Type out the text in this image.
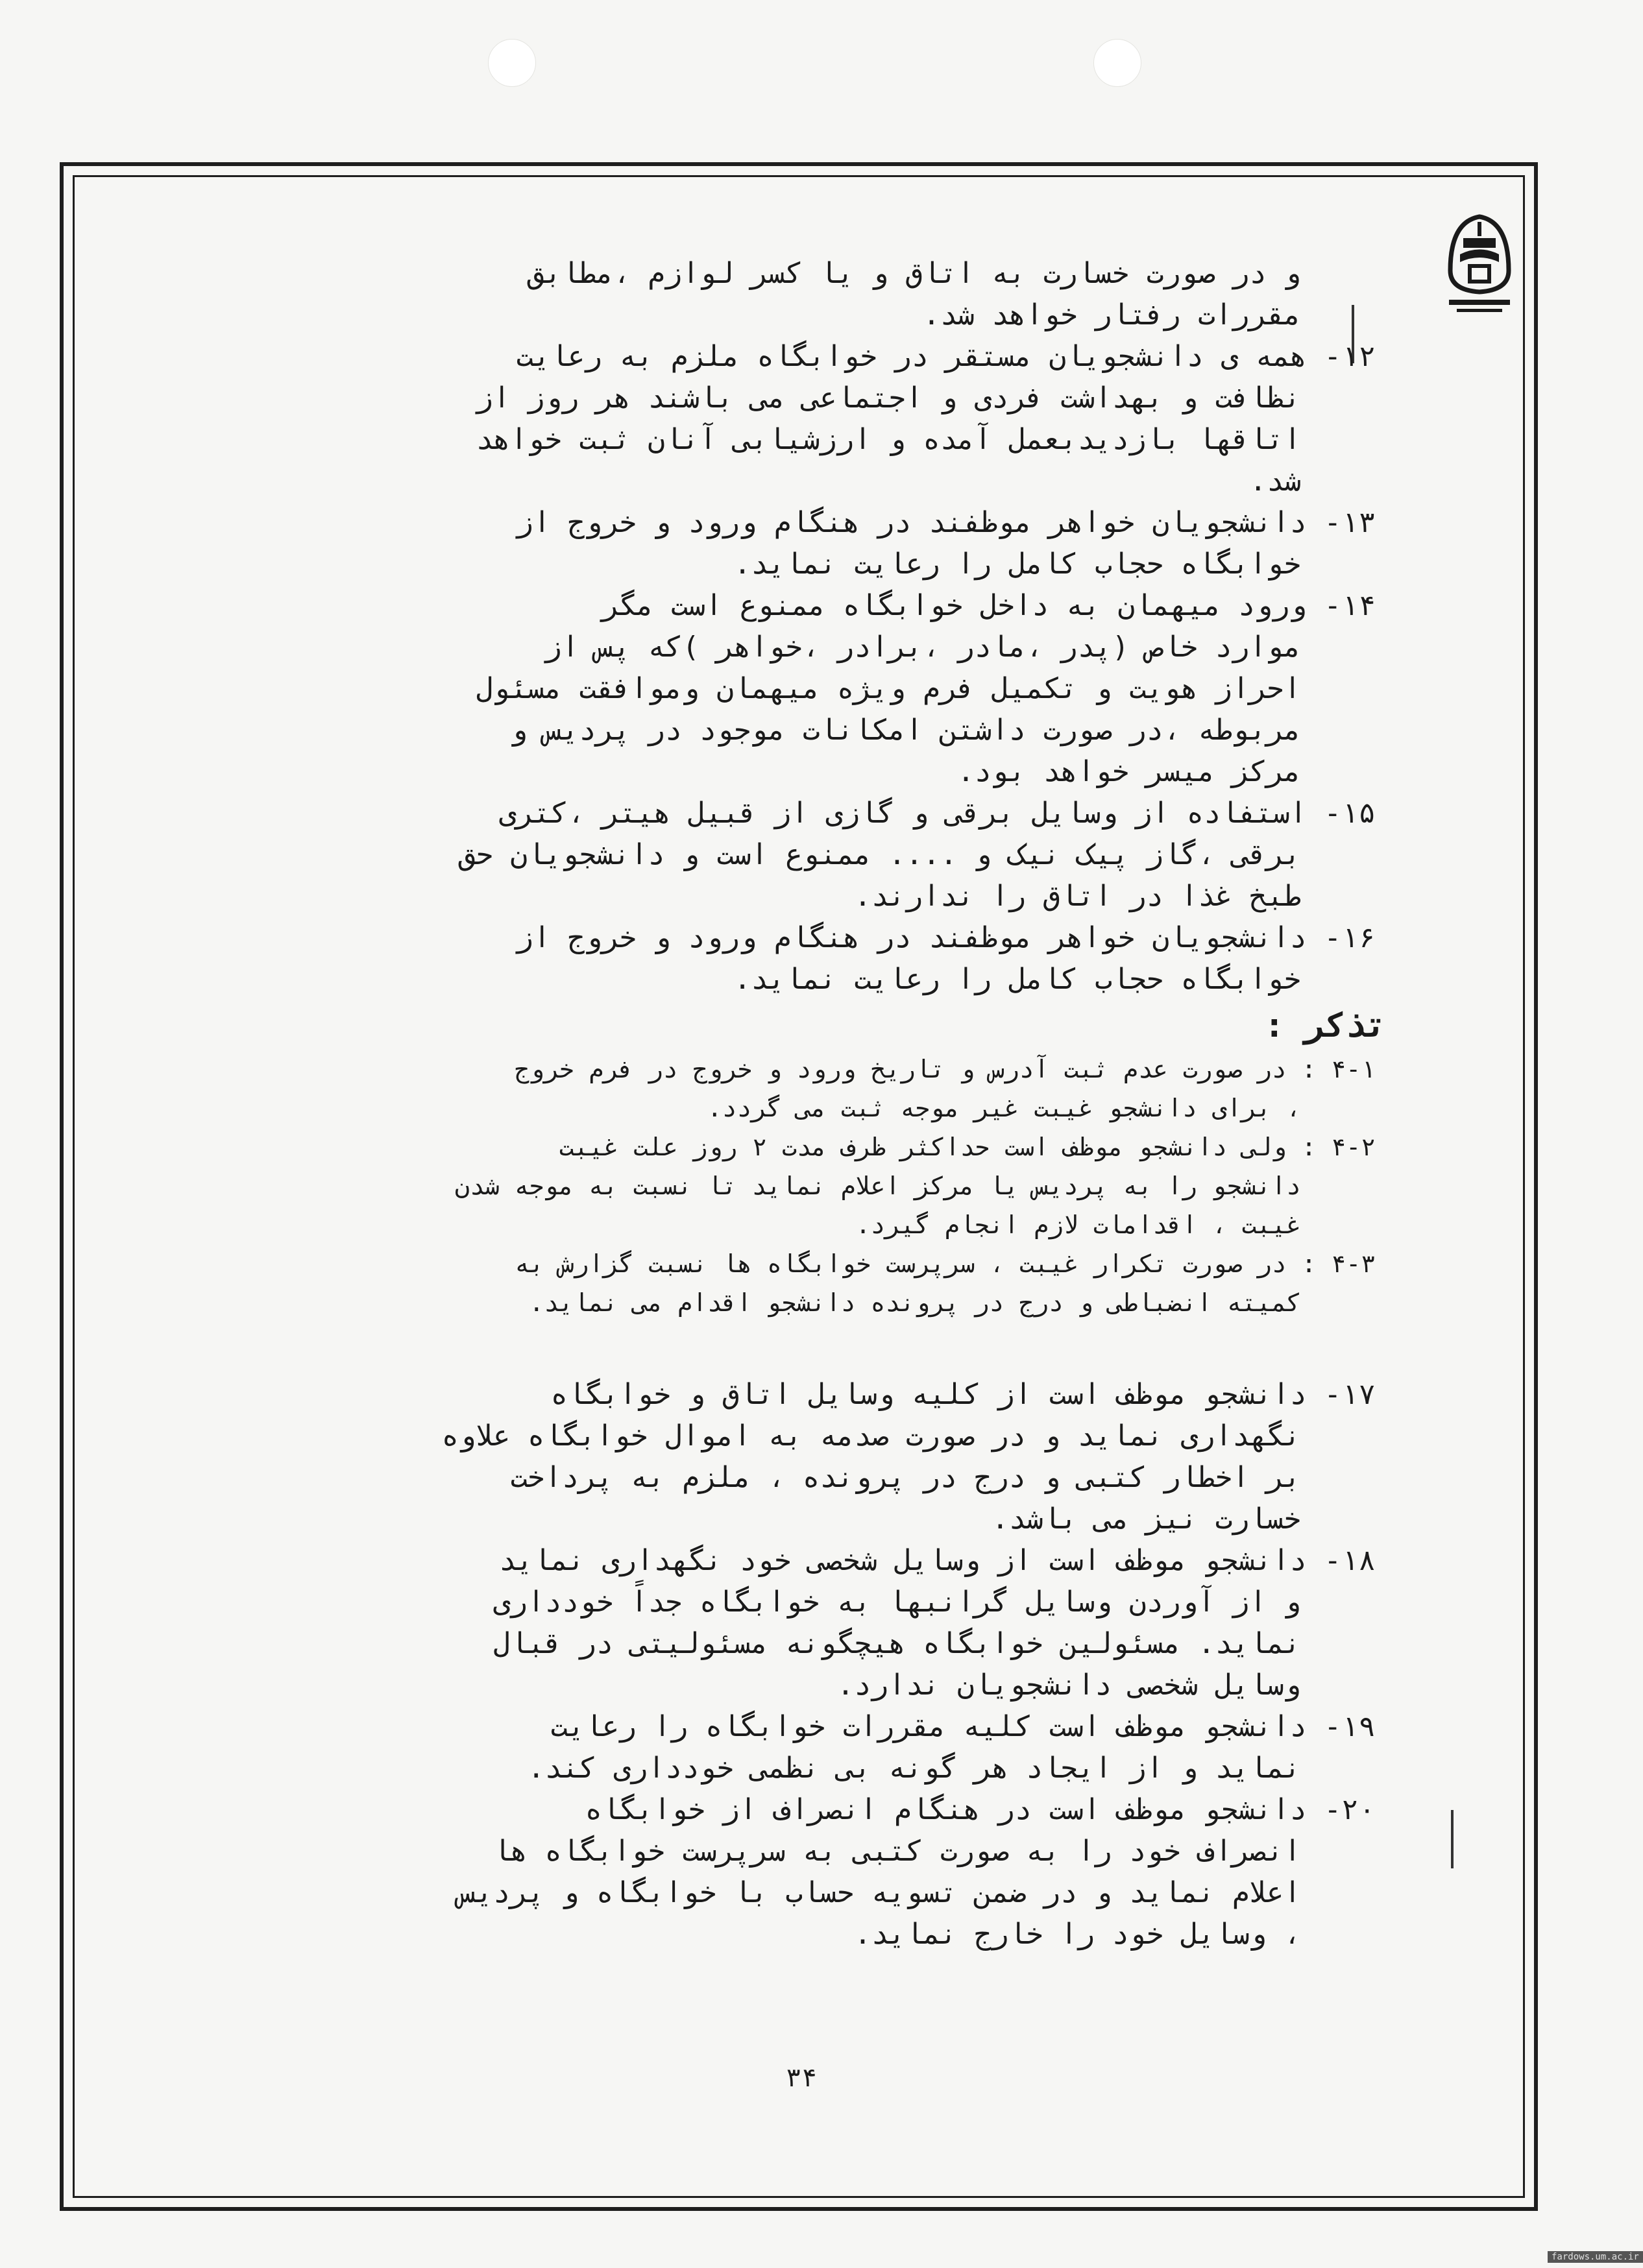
و در صورت خسارت به اتاق و یا کسر لوازم ،مطابق
مقررات رفتار خواهد شد.
۱۲- همه ی دانشجویان مستقر در خوابگاه ملزم به رعایت
نظافت و بهداشت فردی و اجتماعی می باشند هر روز از
اتاقها بازدیدبعمل آمده و ارزشیابی آنان ثبت خواهد
شد.
۱۳- دانشجویان خواهر موظفند در هنگام ورود و خروج از
خوابگاه حجاب کامل را رعایت نماید.
۱۴- ورود میهمان به داخل خوابگاه ممنوع است مگر
موارد خاص (پدر ،مادر ،برادر ،خواهر )که پس از
احراز هویت و تکمیل فرم ویژه میهمان وموافقت مسئول
مربوطه ،در صورت داشتن امکانات موجود در پردیس و
مرکز میسر خواهد بود.
۱۵- استفاده از وسایل برقی و گازی از قبیل هیتر ،کتری
برقی ،گاز پیک نیک و .... ممنوع است و دانشجویان حق
طبخ غذا در اتاق را ندارند.
۱۶- دانشجویان خواهر موظفند در هنگام ورود و خروج از
خوابگاه حجاب کامل را رعایت نماید.
تذکر :
۴-۱ : در صورت عدم ثبت آدرس و تاریخ ورود و خروج در فرم خروج
، برای دانشجو غیبت غیر موجه ثبت می گردد.
۴-۲ : ولی دانشجو موظف است حداکثر ظرف مدت ۲ روز علت غیبت
دانشجو را به پردیس یا مرکز اعلام نماید تا نسبت به موجه شدن
غیبت ، اقدامات لازم انجام گیرد.
۴-۳ : در صورت تکرار غیبت ، سرپرست خوابگاه ها نسبت گزارش به
کمیته انضباطی و درج در پرونده دانشجو اقدام می نماید.
۱۷- دانشجو موظف است از کلیه وسایل اتاق و خوابگاه
نگهداری نماید و در صورت صدمه به اموال خوابگاه علاوه
بر اخطار کتبی و درج در پرونده ، ملزم به پرداخت
خسارت نیز می باشد.
۱۸- دانشجو موظف است از وسایل شخصی خود نگهداری نماید
و از آوردن وسایل گرانبها به خوابگاه جداً خودداری
نماید. مسئولین خوابگاه هیچگونه مسئولیتی در قبال
وسایل شخصی دانشجویان ندارد.
۱۹- دانشجو موظف است کلیه مقررات خوابگاه را رعایت
نماید و از ایجاد هر گونه بی نظمی خودداری کند.
۲۰- دانشجو موظف است در هنگام انصراف از خوابگاه
انصراف خود را به صورت کتبی به سرپرست خوابگاه ها
اعلام نماید و در ضمن تسویه حساب با خوابگاه و پردیس
، وسایل خود را خارج نماید.
۳۴
fardows.um.ac.ir
